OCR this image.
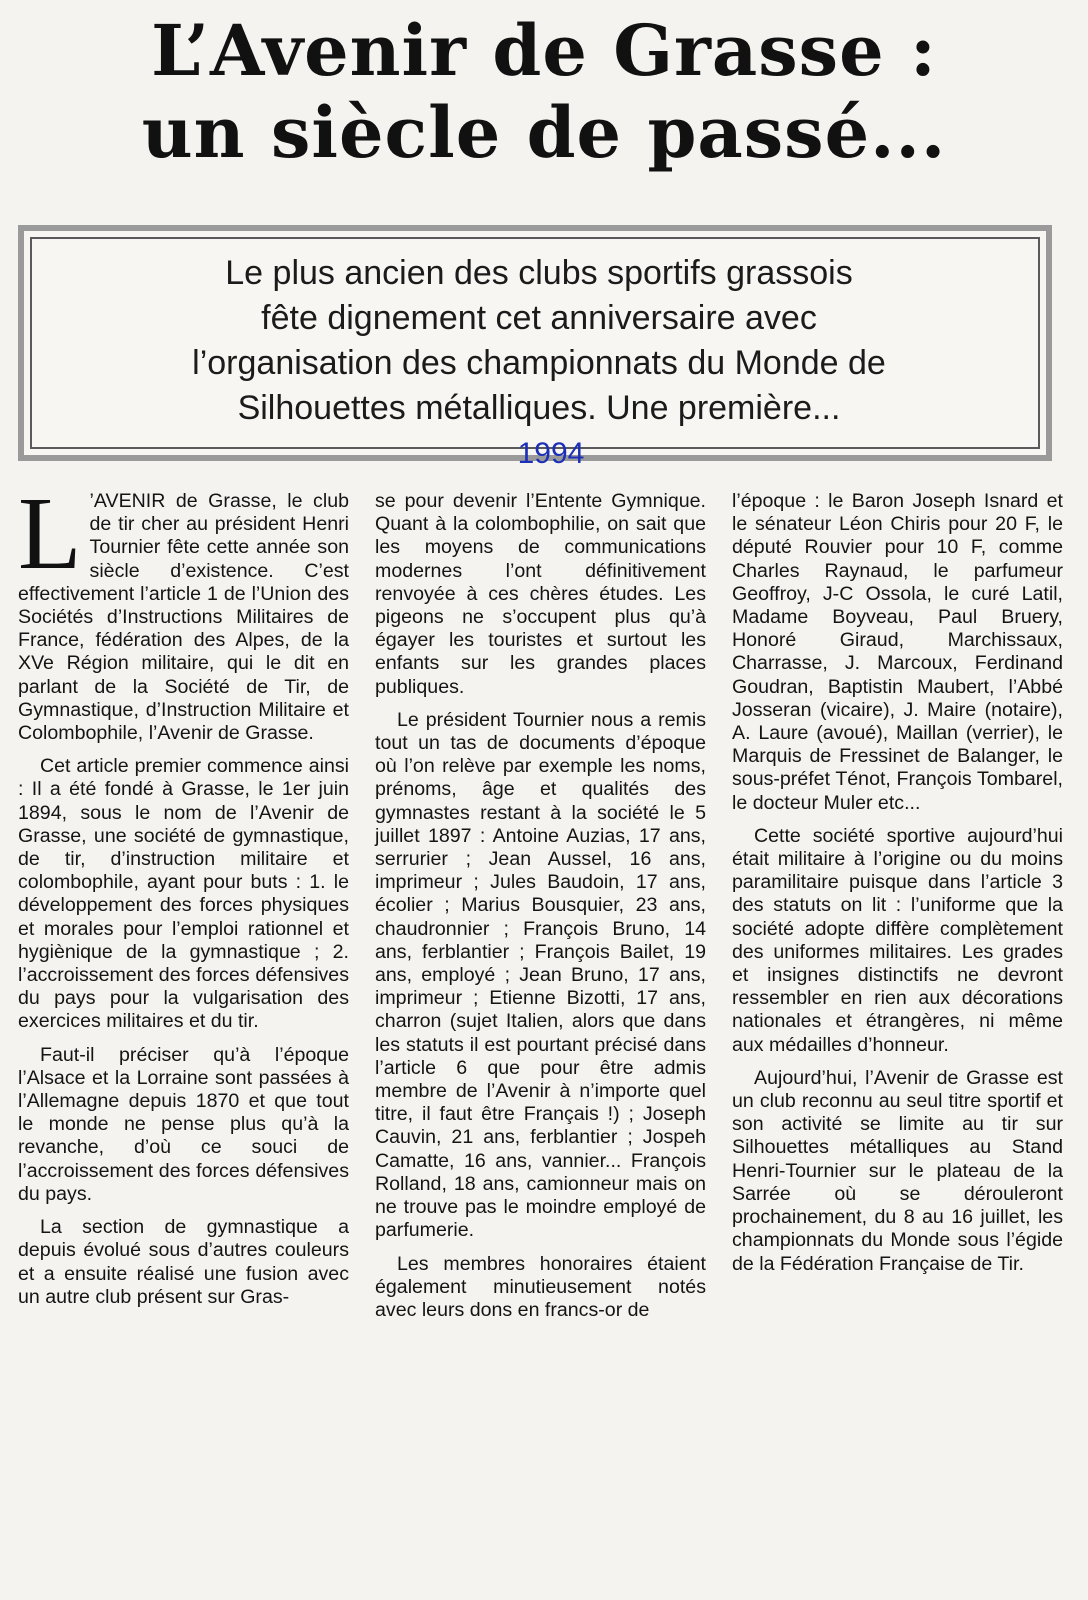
L’Avenir de Grasse :
un siècle de passé...

Le plus ancien des clubs sportifs grassois
fête dignement cet anniversaire avec
l’organisation des championnats du Monde de
Silhouettes métalliques. Une première...
1994

L ’AVENIR de Grasse, le club de tir cher au président Henri Tournier fête cette année son siècle d’existence. C’est effectivement l’article 1 de l’Union des Sociétés d’Instructions Militaires de France, fédération des Alpes, de la XVe Région militaire, qui le dit en parlant de la Société de Tir, de Gymnastique, d’Instruction Militaire et Colombophile, l’Avenir de Grasse.

Cet article premier commence ainsi : Il a été fondé à Grasse, le 1er juin 1894, sous le nom de l’Avenir de Grasse, une société de gymnastique, de tir, d’instruction militaire et colombophile, ayant pour buts : 1. le développement des forces physiques et morales pour l’emploi rationnel et hygiènique de la gymnastique ; 2. l’accroissement des forces défensives du pays pour la vulgarisation des exercices militaires et du tir.

Faut-il préciser qu’à l’époque l’Alsace et la Lorraine sont passées à l’Allemagne depuis 1870 et que tout le monde ne pense plus qu’à la revanche, d’où ce souci de l’accroissement des forces défensives du pays.

La section de gymnastique a depuis évolué sous d’autres couleurs et a ensuite réalisé une fusion avec un autre club présent sur Gras-

se pour devenir l’Entente Gymnique. Quant à la colombophilie, on sait que les moyens de communications modernes l’ont définitivement renvoyée à ces chères études. Les pigeons ne s’occupent plus qu’à égayer les touristes et surtout les enfants sur les grandes places publiques.

Le président Tournier nous a remis tout un tas de documents d’époque où l’on relève par exemple les noms, prénoms, âge et qualités des gymnastes restant à la société le 5 juillet 1897 : Antoine Auzias, 17 ans, serrurier ; Jean Aussel, 16 ans, imprimeur ; Jules Baudoin, 17 ans, écolier ; Marius Bousquier, 23 ans, chaudronnier ; François Bruno, 14 ans, ferblantier ; François Bailet, 19 ans, employé ; Jean Bruno, 17 ans, imprimeur ; Etienne Bizotti, 17 ans, charron (sujet Italien, alors que dans les statuts il est pourtant précisé dans l’article 6 que pour être admis membre de l’Avenir à n’importe quel titre, il faut être Français !) ; Joseph Cauvin, 21 ans, ferblantier ; Jospeh Camatte, 16 ans, vannier... François Rolland, 18 ans, camionneur mais on ne trouve pas le moindre employé de parfumerie.

Les membres honoraires étaient également minutieusement notés avec leurs dons en francs-or de

l’époque : le Baron Joseph Isnard et le sénateur Léon Chiris pour 20 F, le député Rouvier pour 10 F, comme Charles Raynaud, le parfumeur Geoffroy, J-C Ossola, le curé Latil, Madame Boyveau, Paul Bruery, Honoré Giraud, Marchissaux, Charrasse, J. Marcoux, Ferdinand Goudran, Baptistin Maubert, l’Abbé Josseran (vicaire), J. Maire (notaire), A. Laure (avoué), Maillan (verrier), le Marquis de Fressinet de Balanger, le sous-préfet Ténot, François Tombarel, le docteur Muler etc...

Cette société sportive aujourd’hui était militaire à l’origine ou du moins paramilitaire puisque dans l’article 3 des statuts on lit : l’uniforme que la société adopte diffère complètement des uniformes militaires. Les grades et insignes distinctifs ne devront ressembler en rien aux décorations nationales et étrangères, ni même aux médailles d’honneur.

Aujourd’hui, l’Avenir de Grasse est un club reconnu au seul titre sportif et son activité se limite au tir sur Silhouettes métalliques au Stand Henri-Tournier sur le plateau de la Sarrée où se dérouleront prochainement, du 8 au 16 juillet, les championnats du Monde sous l’égide de la Fédération Française de Tir.
